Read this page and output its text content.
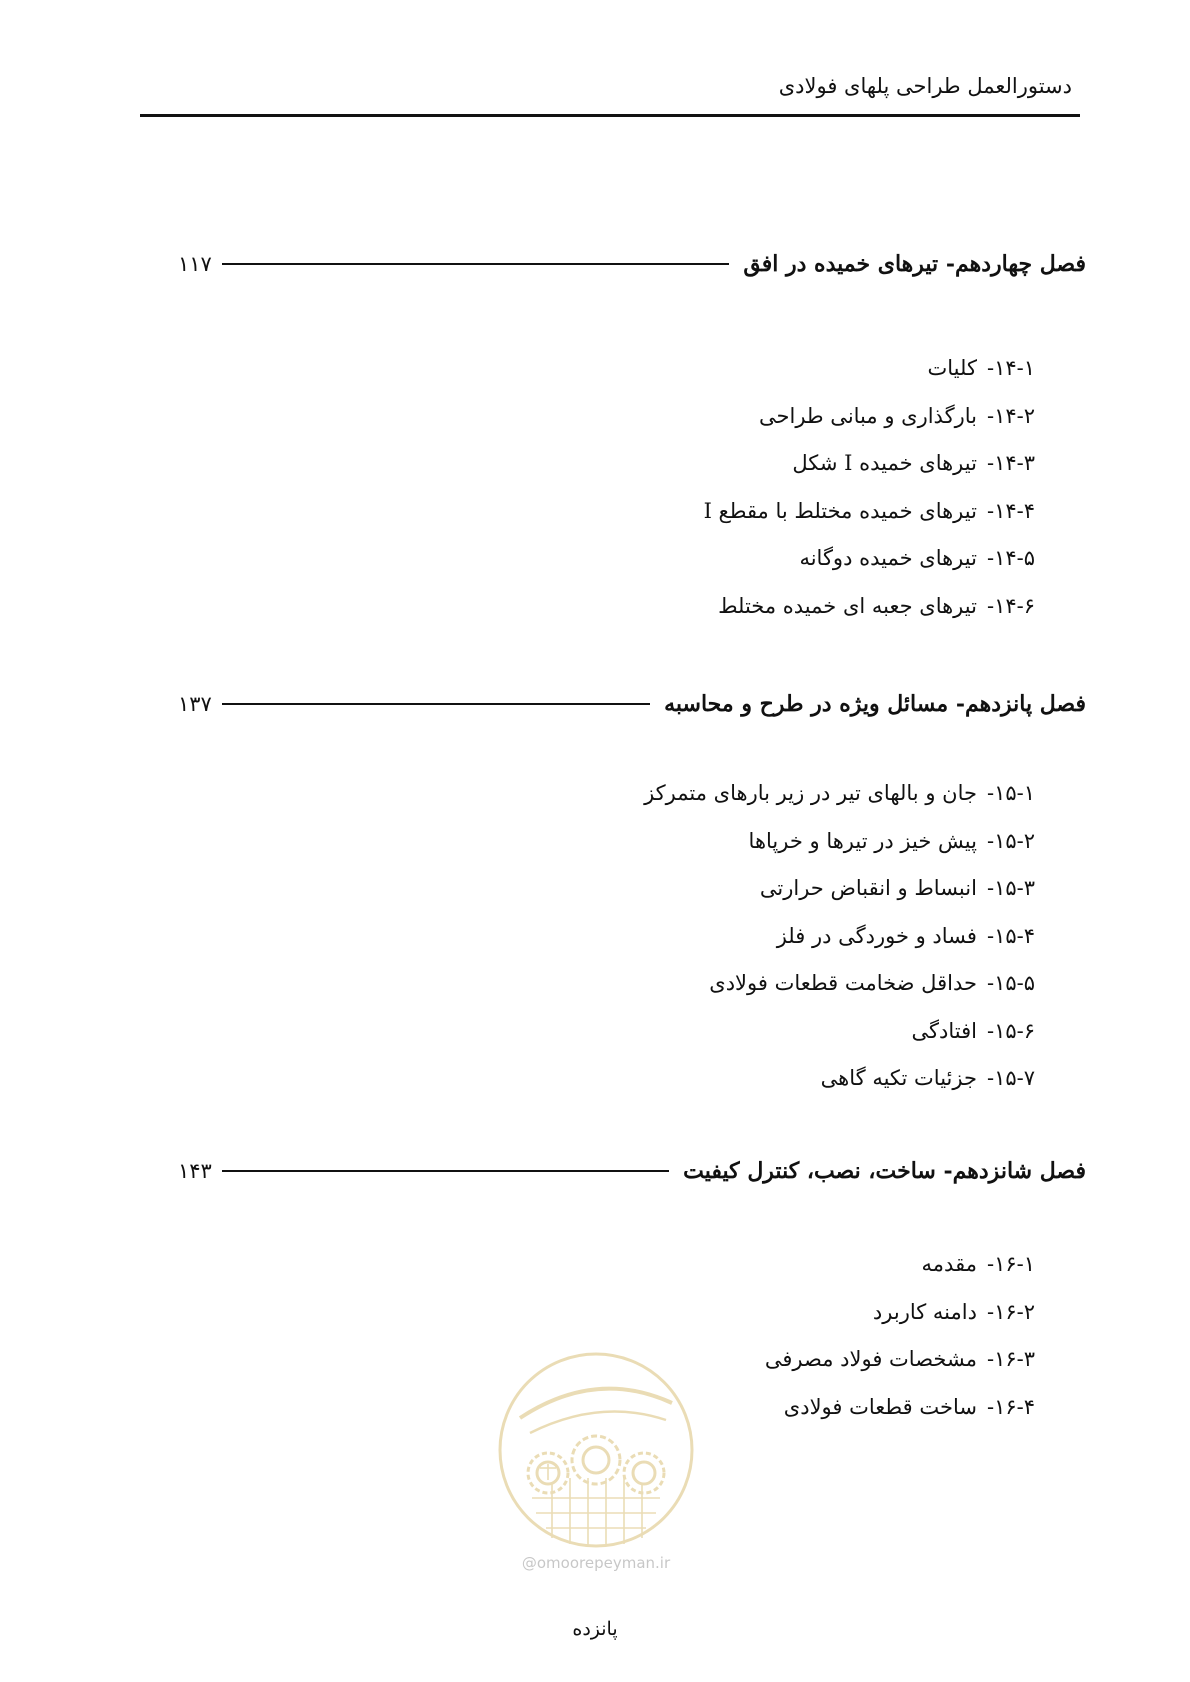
دستورالعمل طراحی پلهای فولادی
فصل چهاردهم- تیرهای خمیده در افق
۱۱۷
۱۴-۱-کلیات
۱۴-۲-بارگذاری و مبانی طراحی
۱۴-۳-تیرهای خمیده I شکل
۱۴-۴-تیرهای خمیده مختلط با مقطع I
۱۴-۵-تیرهای خمیده دوگانه
۱۴-۶-تیرهای جعبه ای خمیده مختلط
فصل پانزدهم- مسائل ویژه در طرح و محاسبه
۱۳۷
۱۵-۱-جان و بالهای تیر در زیر بارهای متمرکز
۱۵-۲-پیش خیز در تیرها و خرپاها
۱۵-۳-انبساط و انقباض حرارتی
۱۵-۴-فساد و خوردگی در فلز
۱۵-۵-حداقل ضخامت قطعات فولادی
۱۵-۶-افتادگی
۱۵-۷-جزئیات تکیه گاهی
فصل شانزدهم- ساخت، نصب، کنترل کیفیت
۱۴۳
۱۶-۱-مقدمه
۱۶-۲-دامنه کاربرد
۱۶-۳-مشخصات فولاد مصرفی
۱۶-۴-ساخت قطعات فولادی
@omoorepeyman.ir
پانزده
